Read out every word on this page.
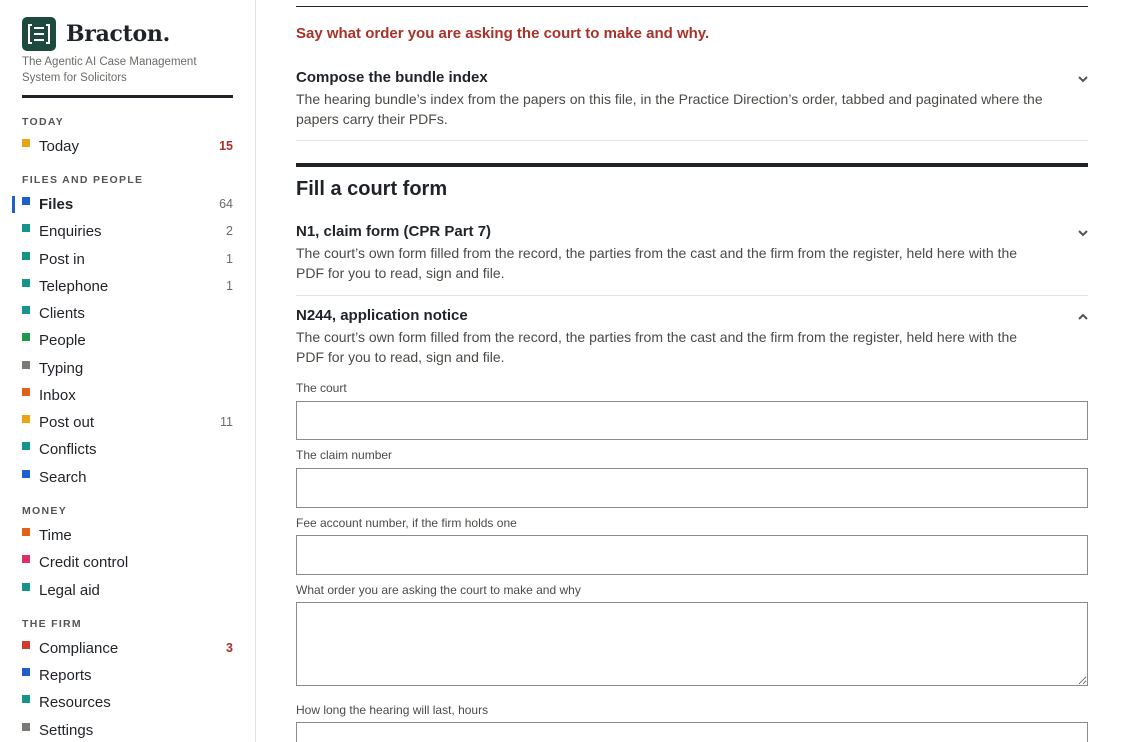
Bracton.
The Agentic AI Case Management System for Solicitors
TODAY
FILES AND PEOPLE
MONEY
THE FIRM
Today	15
Files	64
Enquiries	2
Post in	1
Telephone	1
Clients
People
Typing
Inbox
Post out	11
Conflicts
Search
Time
Credit control
Legal aid
Compliance	3
Reports
Resources
Settings
Say what order you are asking the court to make and why.
Compose the bundle index
The hearing bundle’s index from the papers on this file, in the Practice Direction’s order, tabbed and paginated where the papers carry their PDFs.
Fill a court form
N1, claim form (CPR Part 7)
The court’s own form filled from the record, the parties from the cast and the firm from the register, held here with the PDF for you to read, sign and file.
N244, application notice
The court’s own form filled from the record, the parties from the cast and the firm from the register, held here with the PDF for you to read, sign and file.
The court
The claim number
Fee account number, if the firm holds one
What order you are asking the court to make and why
How long the hearing will last, hours
